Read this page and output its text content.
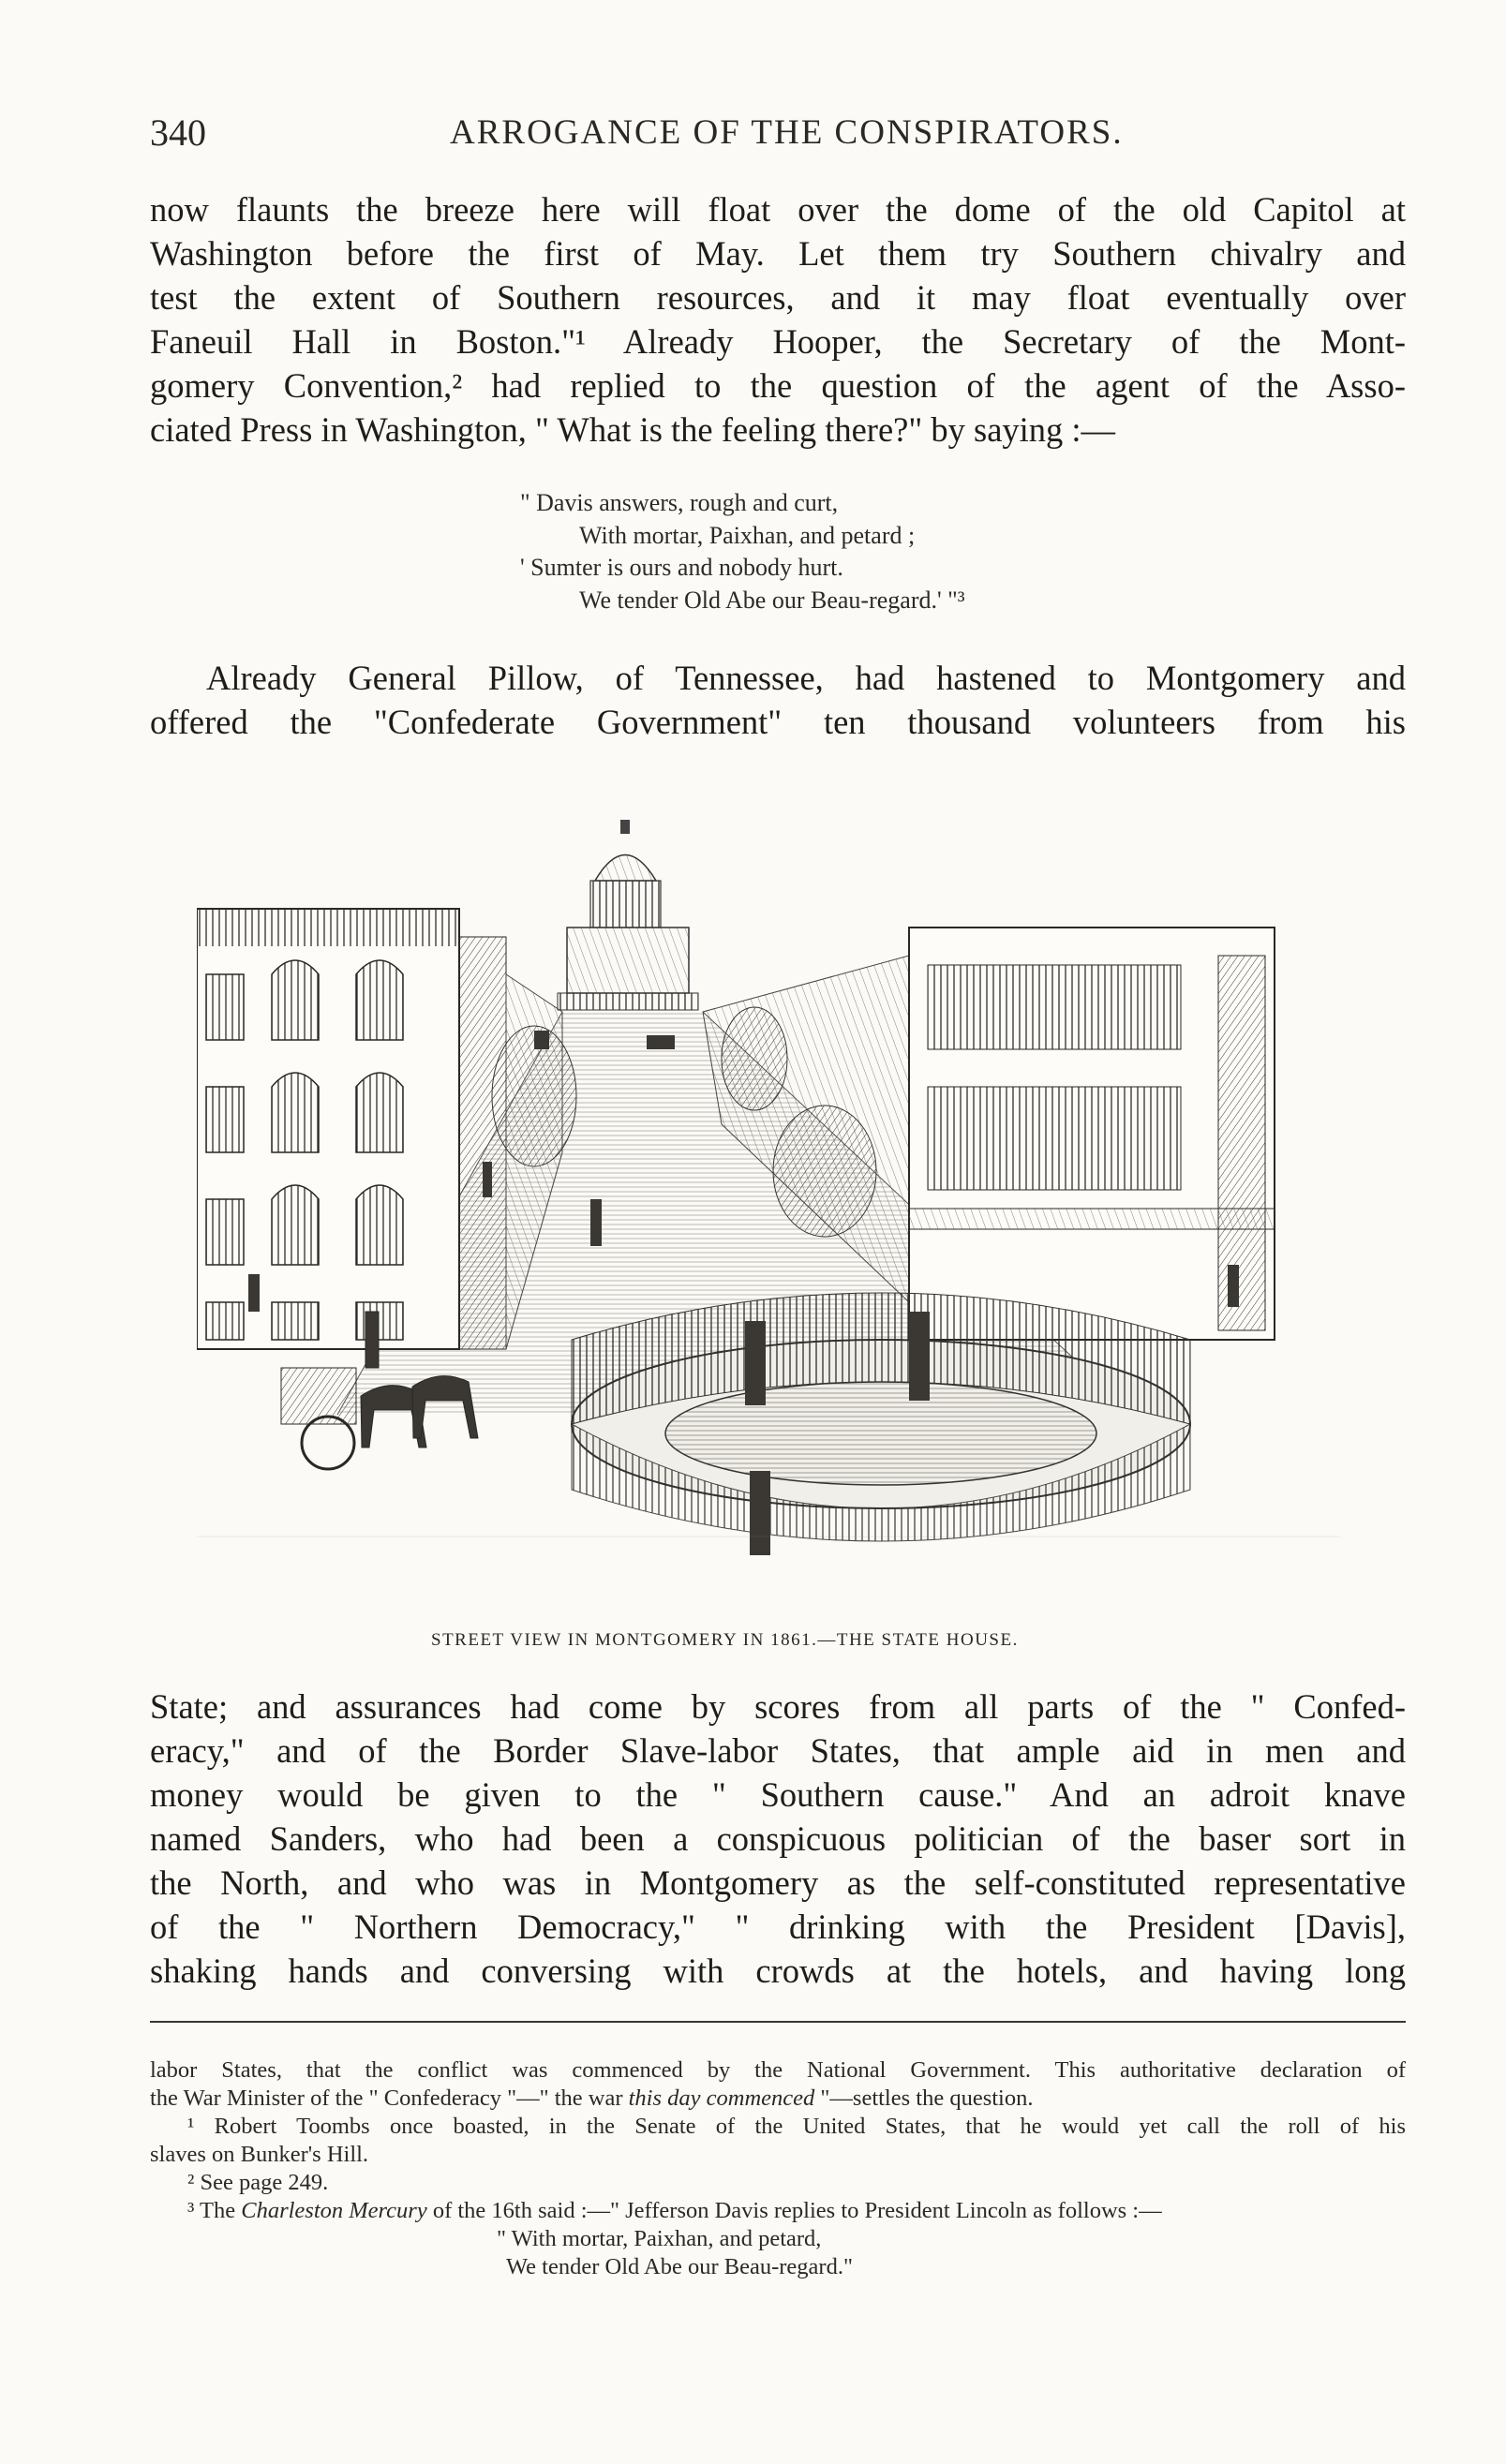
340	ARROGANCE OF THE CONSPIRATORS.
now flaunts the breeze here will float over the dome of the old Capitol at
Washington before the first of May. Let them try Southern chivalry and
test the extent of Southern resources, and it may float eventually over
Faneuil Hall in Boston."¹ Already Hooper, the Secretary of the Mont-
gomery Convention,² had replied to the question of the agent of the Asso-
ciated Press in Washington, " What is the feeling there?" by saying :—
" Davis answers, rough and curt,
With mortar, Paixhan, and petard ;
' Sumter is ours and nobody hurt.
We tender Old Abe our Beau-regard.' "³
Already General Pillow, of Tennessee, had hastened to Montgomery and
offered the "Confederate Government" ten thousand volunteers from his
STREET VIEW IN MONTGOMERY IN 1861.—THE STATE HOUSE.
State; and assurances had come by scores from all parts of the " Confed-
eracy," and of the Border Slave-labor States, that ample aid in men and
money would be given to the " Southern cause." And an adroit knave
named Sanders, who had been a conspicuous politician of the baser sort in
the North, and who was in Montgomery as the self-constituted representative
of the " Northern Democracy," " drinking with the President [Davis],
shaking hands and conversing with crowds at the hotels, and having long
labor States, that the conflict was commenced by the National Government. This authoritative declaration of
the War Minister of the " Confederacy "—" the war this day commenced "—settles the question.
¹ Robert Toombs once boasted, in the Senate of the United States, that he would yet call the roll of his
slaves on Bunker's Hill.
² See page 249.
³ The Charleston Mercury of the 16th said :—" Jefferson Davis replies to President Lincoln as follows :—
" With mortar, Paixhan, and petard,
We tender Old Abe our Beau-regard."
